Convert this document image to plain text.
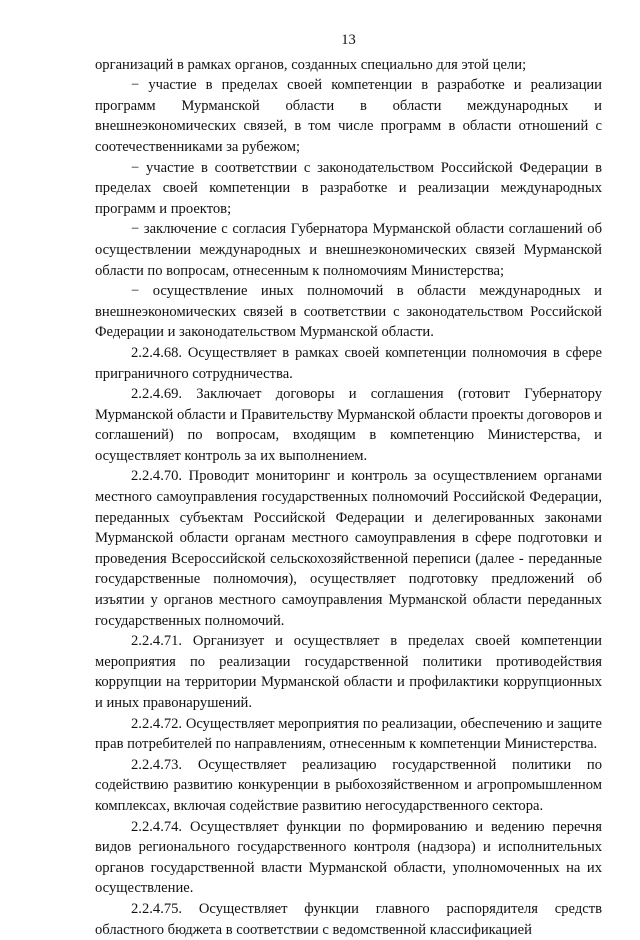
13

организаций в рамках органов, созданных специально для этой цели;

− участие в пределах своей компетенции в разработке и реализации программ Мурманской области в области международных и внешнеэкономических связей, в том числе программ в области отношений с соотечественниками за рубежом;

− участие в соответствии с законодательством Российской Федерации в пределах своей компетенции в разработке и реализации международных программ и проектов;

− заключение с согласия Губернатора Мурманской области соглашений об осуществлении международных и внешнеэкономических связей Мурманской области по вопросам, отнесенным к полномочиям Министерства;

− осуществление иных полномочий в области международных и внешнеэкономических связей в соответствии с законодательством Российской Федерации и законодательством Мурманской области.

2.2.4.68. Осуществляет в рамках своей компетенции полномочия в сфере приграничного сотрудничества.

2.2.4.69. Заключает договоры и соглашения (готовит Губернатору Мурманской области и Правительству Мурманской области проекты договоров и соглашений) по вопросам, входящим в компетенцию Министерства, и осуществляет контроль за их выполнением.

2.2.4.70. Проводит мониторинг и контроль за осуществлением органами местного самоуправления государственных полномочий Российской Федерации, переданных субъектам Российской Федерации и делегированных законами Мурманской области органам местного самоуправления в сфере подготовки и проведения Всероссийской сельскохозяйственной переписи (далее - переданные государственные полномочия), осуществляет подготовку предложений об изъятии у органов местного самоуправления Мурманской области переданных государственных полномочий.

2.2.4.71. Организует и осуществляет в пределах своей компетенции мероприятия по реализации государственной политики противодействия коррупции на территории Мурманской области и профилактики коррупционных и иных правонарушений.

2.2.4.72. Осуществляет мероприятия по реализации, обеспечению и защите прав потребителей по направлениям, отнесенным к компетенции Министерства.

2.2.4.73. Осуществляет реализацию государственной политики по содействию развитию конкуренции в рыбохозяйственном и агропромышленном комплексах, включая содействие развитию негосударственного сектора.

2.2.4.74. Осуществляет функции по формированию и ведению перечня видов регионального государственного контроля (надзора) и исполнительных органов государственной власти Мурманской области, уполномоченных на их осуществление.

2.2.4.75. Осуществляет функции главного распорядителя средств областного бюджета в соответствии с ведомственной классификацией
